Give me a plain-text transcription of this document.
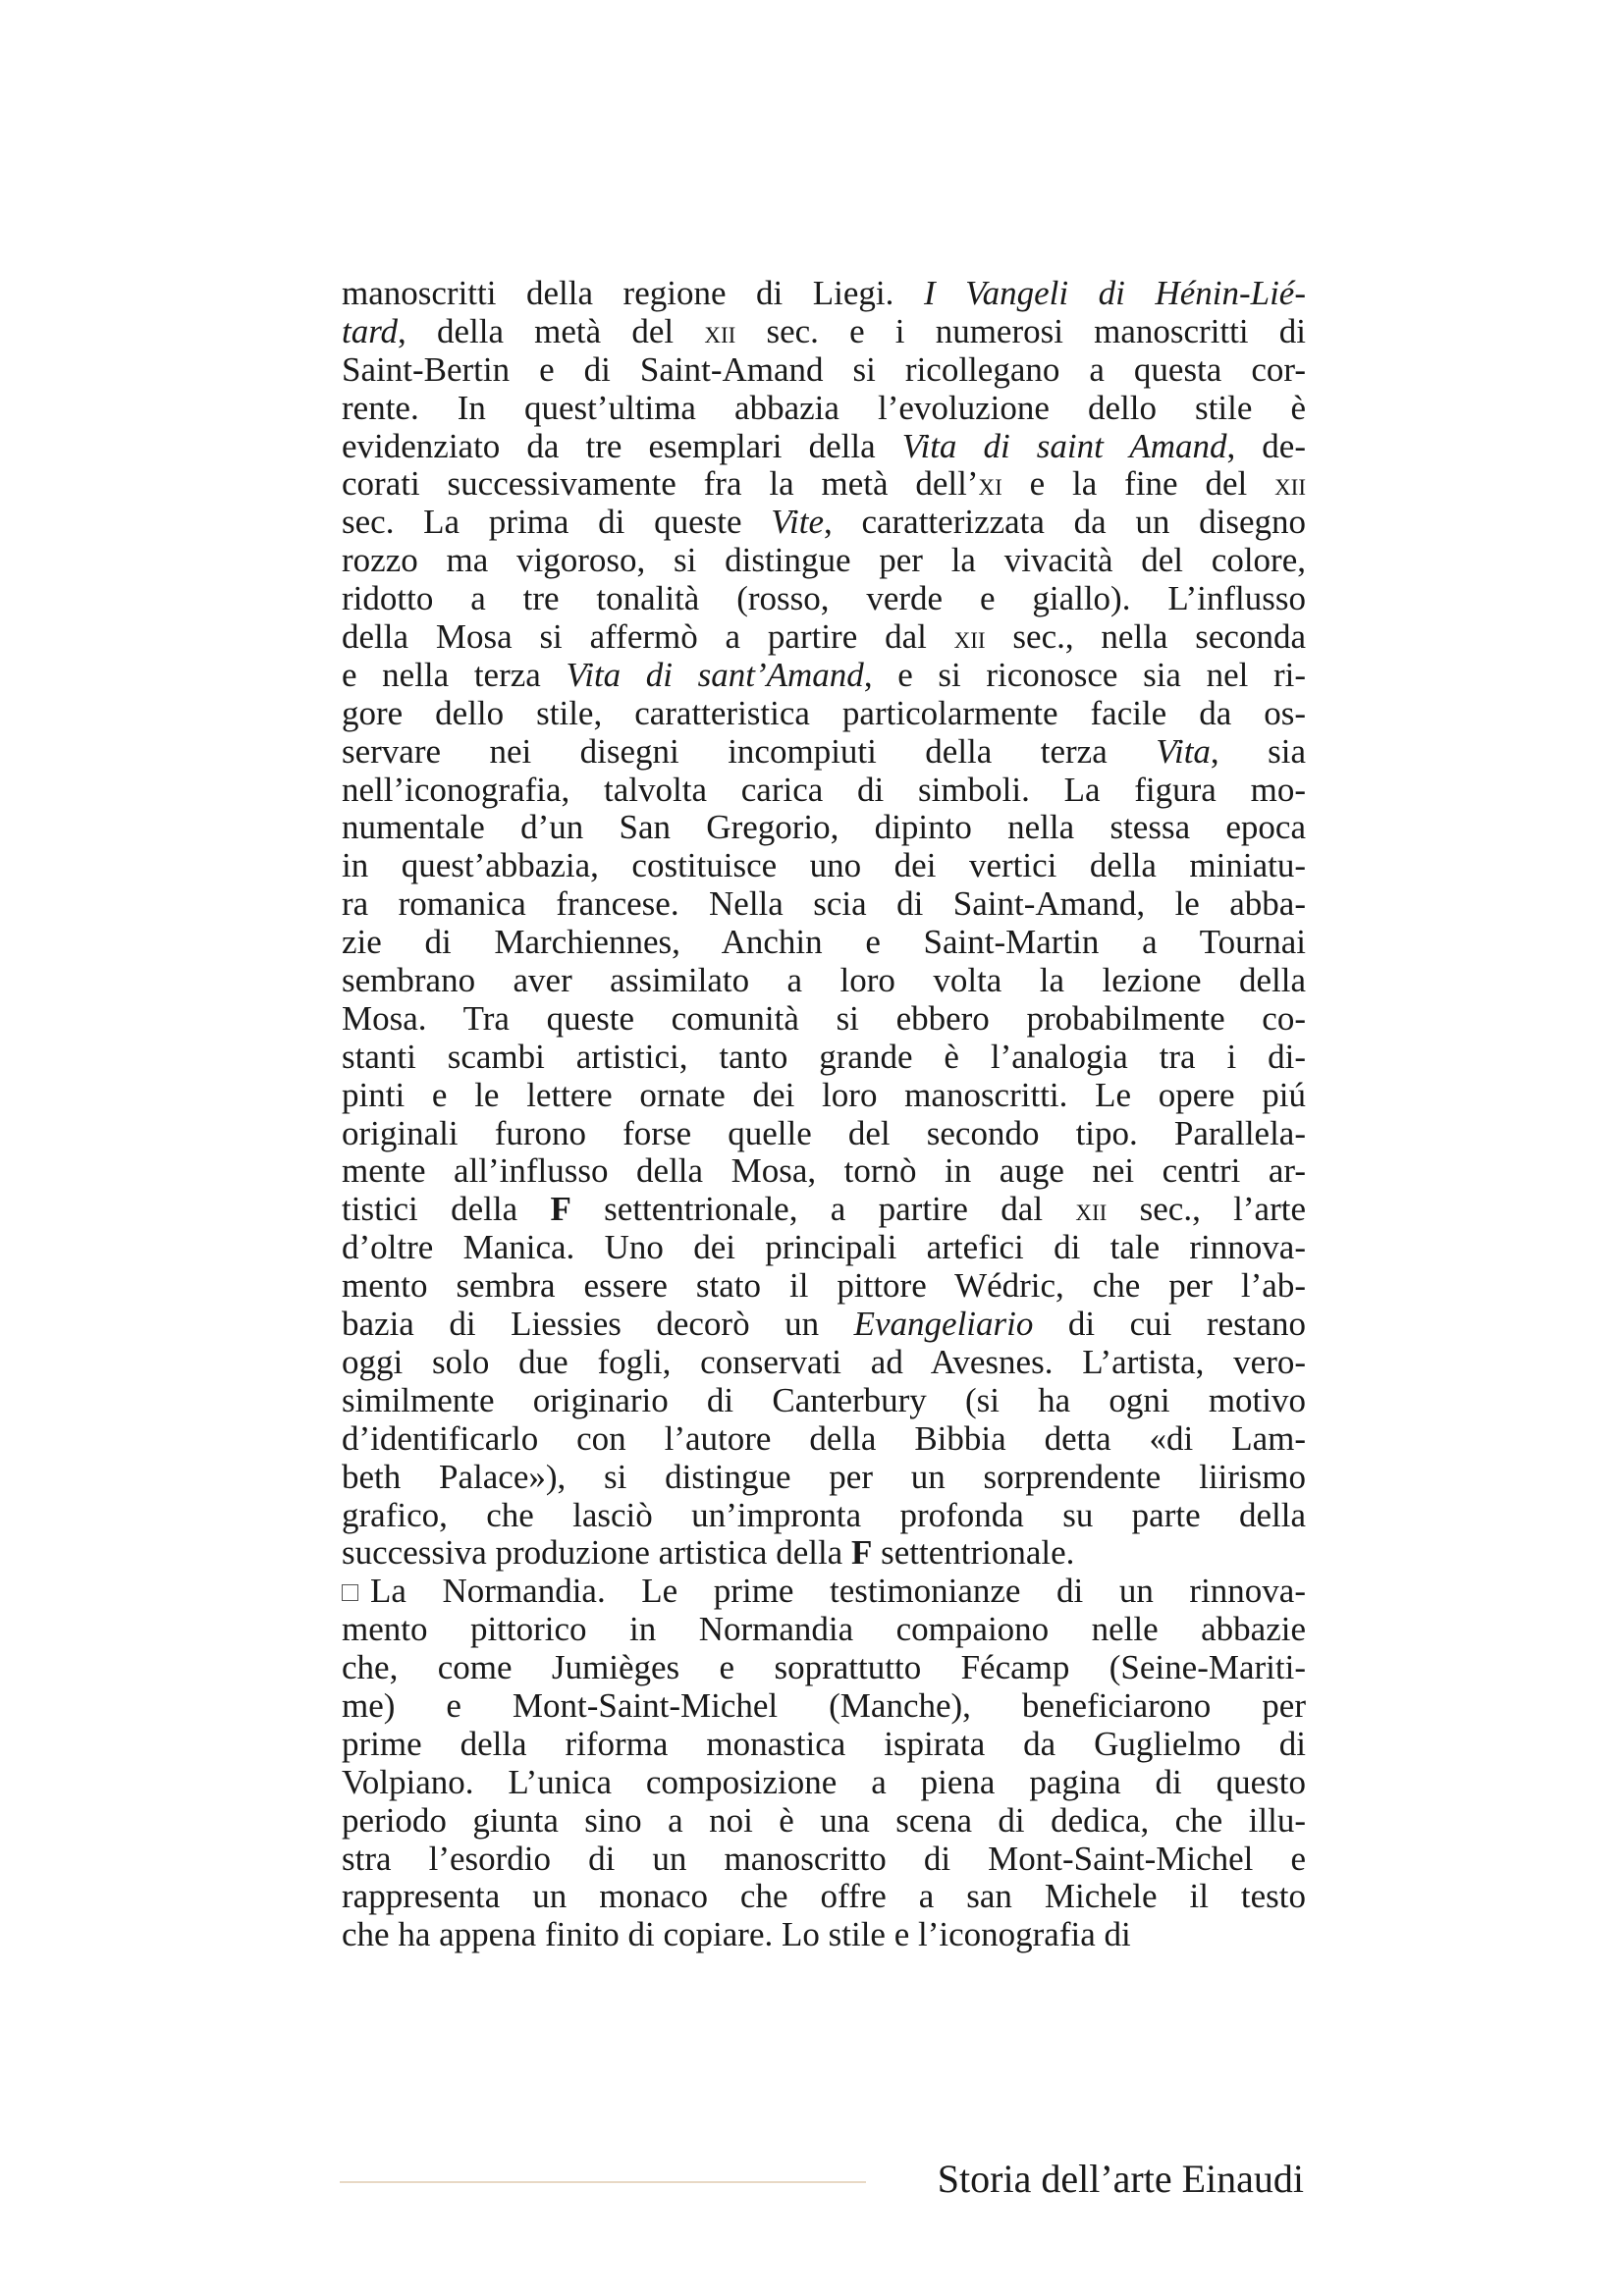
manoscritti della regione di Liegi. I Vangeli di Hénin-Lié-
tard, della metà del xii sec. e i numerosi manoscritti di
Saint-Bertin e di Saint-Amand si ricollegano a questa cor-
rente. In quest’ultima abbazia l’evoluzione dello stile è
evidenziato da tre esemplari della Vita di saint Amand, de-
corati successivamente fra la metà dell’xi e la fine del xii
sec. La prima di queste Vite, caratterizzata da un disegno
rozzo ma vigoroso, si distingue per la vivacità del colore,
ridotto a tre tonalità (rosso, verde e giallo). L’influsso
della Mosa si affermò a partire dal xii sec., nella seconda
e nella terza Vita di sant’Amand, e si riconosce sia nel ri-
gore dello stile, caratteristica particolarmente facile da os-
servare nei disegni incompiuti della terza Vita, sia
nell’iconografia, talvolta carica di simboli. La figura mo-
numentale d’un San Gregorio, dipinto nella stessa epoca
in quest’abbazia, costituisce uno dei vertici della miniatu-
ra romanica francese. Nella scia di Saint-Amand, le abba-
zie di Marchiennes, Anchin e Saint-Martin a Tournai
sembrano aver assimilato a loro volta la lezione della
Mosa. Tra queste comunità si ebbero probabilmente co-
stanti scambi artistici, tanto grande è l’analogia tra i di-
pinti e le lettere ornate dei loro manoscritti. Le opere piú
originali furono forse quelle del secondo tipo. Parallela-
mente all’influsso della Mosa, tornò in auge nei centri ar-
tistici della F settentrionale, a partire dal xii sec., l’arte
d’oltre Manica. Uno dei principali artefici di tale rinnova-
mento sembra essere stato il pittore Wédric, che per l’ab-
bazia di Liessies decorò un Evangeliario di cui restano
oggi solo due fogli, conservati ad Avesnes. L’artista, vero-
similmente originario di Canterbury (si ha ogni motivo
d’identificarlo con l’autore della Bibbia detta «di Lam-
beth Palace»), si distingue per un sorprendente liirismo
grafico, che lasciò un’impronta profonda su parte della
successiva produzione artistica della F settentrionale.
La Normandia. Le prime testimonianze di un rinnova-
mento pittorico in Normandia compaiono nelle abbazie
che, come Jumièges e soprattutto Fécamp (Seine-Mariti-
me) e Mont-Saint-Michel (Manche), beneficiarono per
prime della riforma monastica ispirata da Guglielmo di
Volpiano. L’unica composizione a piena pagina di questo
periodo giunta sino a noi è una scena di dedica, che illu-
stra l’esordio di un manoscritto di Mont-Saint-Michel e
rappresenta un monaco che offre a san Michele il testo
che ha appena finito di copiare. Lo stile e l’iconografia di
Storia dell’arte Einaudi
